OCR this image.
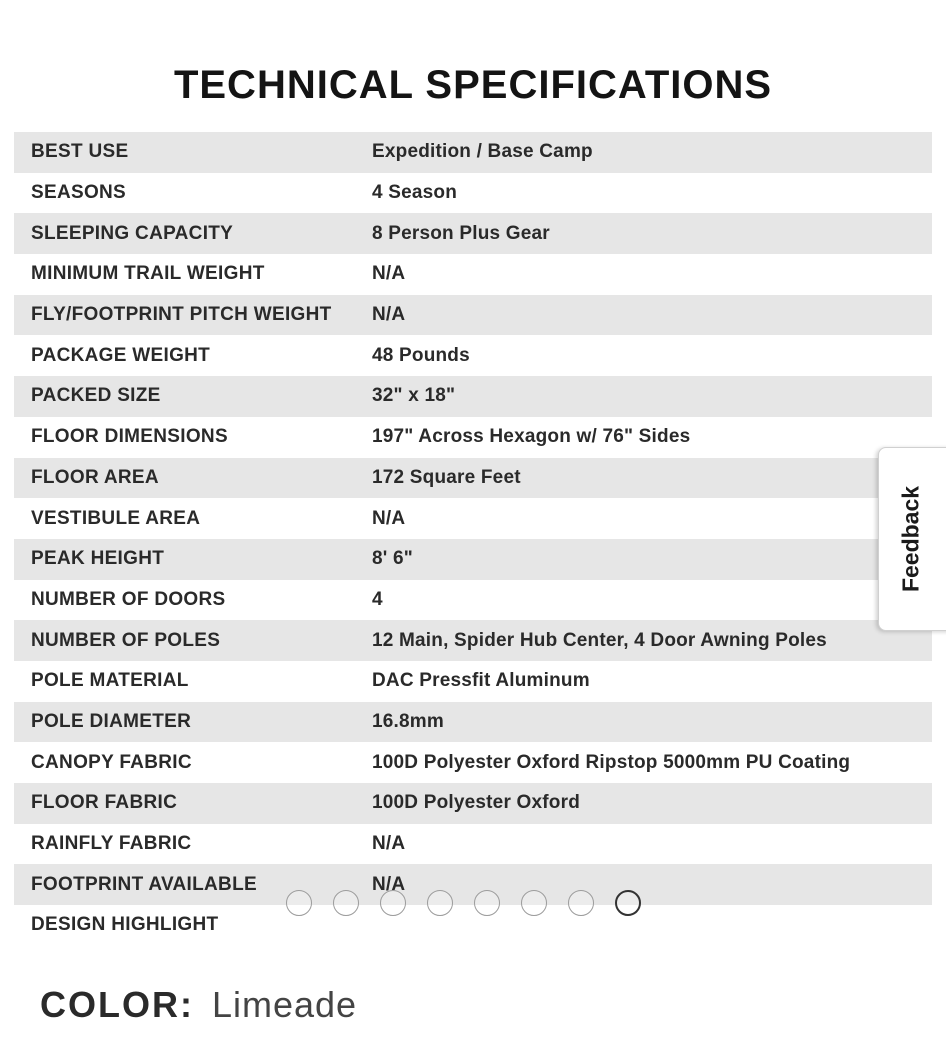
TECHNICAL SPECIFICATIONS
BEST USE	Expedition / Base Camp
SEASONS	4 Season
SLEEPING CAPACITY	8 Person Plus Gear
MINIMUM TRAIL WEIGHT	N/A
FLY/FOOTPRINT PITCH WEIGHT	N/A
PACKAGE WEIGHT	48 Pounds
PACKED SIZE	32" x 18"
FLOOR DIMENSIONS	197" Across Hexagon w/ 76" Sides
FLOOR AREA	172 Square Feet
VESTIBULE AREA	N/A
PEAK HEIGHT	8' 6"
NUMBER OF DOORS	4
NUMBER OF POLES	12 Main, Spider Hub Center, 4 Door Awning Poles
POLE MATERIAL	DAC Pressfit Aluminum
POLE DIAMETER	16.8mm
CANOPY FABRIC	100D Polyester Oxford Ripstop 5000mm PU Coating
FLOOR FABRIC	100D Polyester Oxford
RAINFLY FABRIC	N/A
FOOTPRINT AVAILABLE	N/A
DESIGN HIGHLIGHT
Feedback
COLOR: Limeade
